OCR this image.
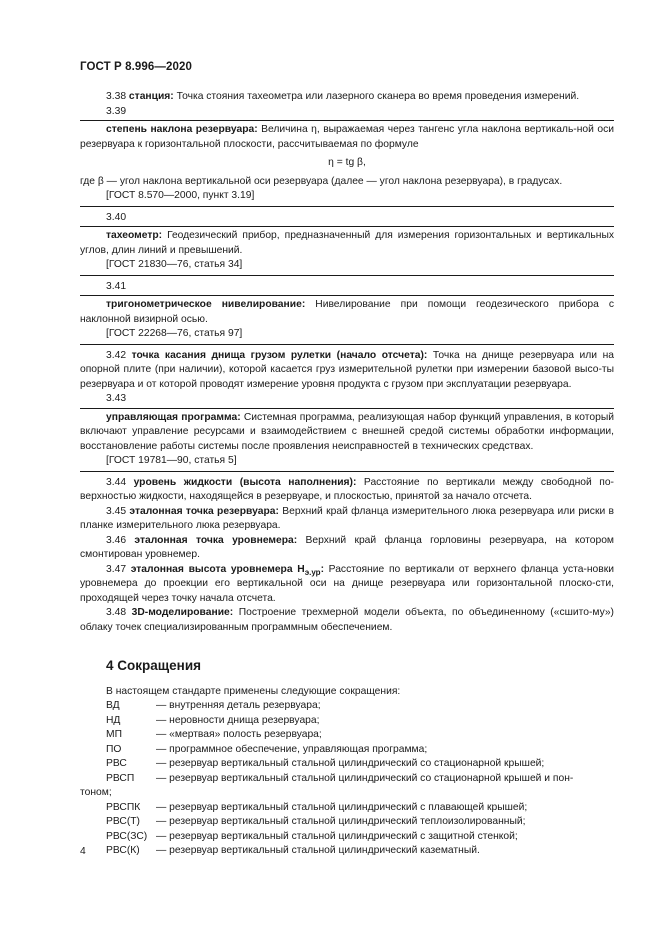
ГОСТ Р 8.996—2020

3.38 станция: Точка стояния тахеометра или лазерного сканера во время проведения измерений.

3.39

степень наклона резервуара: Величина η, выражаемая через тангенс угла наклона вертикаль-ной оси резервуара к горизонтальной плоскости, рассчитываемая по формуле

η = tg β,

где β — угол наклона вертикальной оси резервуара (далее — угол наклона резервуара), в градусах.

[ГОСТ 8.570—2000, пункт 3.19]

3.40

тахеометр: Геодезический прибор, предназначенный для измерения горизонтальных и вертикальных углов, длин линий и превышений.

[ГОСТ 21830—76, статья 34]

3.41

тригонометрическое нивелирование: Нивелирование при помощи геодезического прибора с наклонной визирной осью.

[ГОСТ 22268—76, статья 97]

3.42 точка касания днища грузом рулетки (начало отсчета): Точка на днище резервуара или на опорной плите (при наличии), которой касается груз измерительной рулетки при измерении базовой высо-ты резервуара и от которой проводят измерение уровня продукта с грузом при эксплуатации резервуара.

3.43

управляющая программа: Системная программа, реализующая набор функций управления, в который включают управление ресурсами и взаимодействием с внешней средой системы обработки информации, восстановление работы системы после проявления неисправностей в технических средствах.

[ГОСТ 19781—90, статья 5]

3.44 уровень жидкости (высота наполнения): Расстояние по вертикали между свободной по-верхностью жидкости, находящейся в резервуаре, и плоскостью, принятой за начало отсчета.

3.45 эталонная точка резервуара: Верхний край фланца измерительного люка резервуара или риски в планке измерительного люка резервуара.

3.46 эталонная точка уровнемера: Верхний край фланца горловины резервуара, на котором смонтирован уровнемер.

3.47 эталонная высота уровнемера $Н_{э.ур}$: Расстояние по вертикали от верхнего фланца уста-новки уровнемера до проекции его вертикальной оси на днище резервуара или горизонтальной плоско-сти, проходящей через точку начала отсчета.

3.48 3D-моделирование: Построение трехмерной модели объекта, по объединенному («сшито-му») облаку точек специализированным программным обеспечением.

4 Сокращения

В настоящем стандарте применены следующие сокращения:

ВД	— внутренняя деталь резервуара;
НД	— неровности днища резервуара;
МП	— «мертвая» полость резервуара;
ПО	— программное обеспечение, управляющая программа;
РВС	— резервуар вертикальный стальной цилиндрический со стационарной крышей;
РВСП	— резервуар вертикальный стальной цилиндрический со стационарной крышей и пон-

тоном;

РВСПК	— резервуар вертикальный стальной цилиндрический с плавающей крышей;
РВС(Т)	— резервуар вертикальный стальной цилиндрический теплоизолированный;
РВС(ЗС) — резервуар вертикальный стальной цилиндрический с защитной стенкой;
РВС(К)	— резервуар вертикальный стальной цилиндрический казематный.
4
